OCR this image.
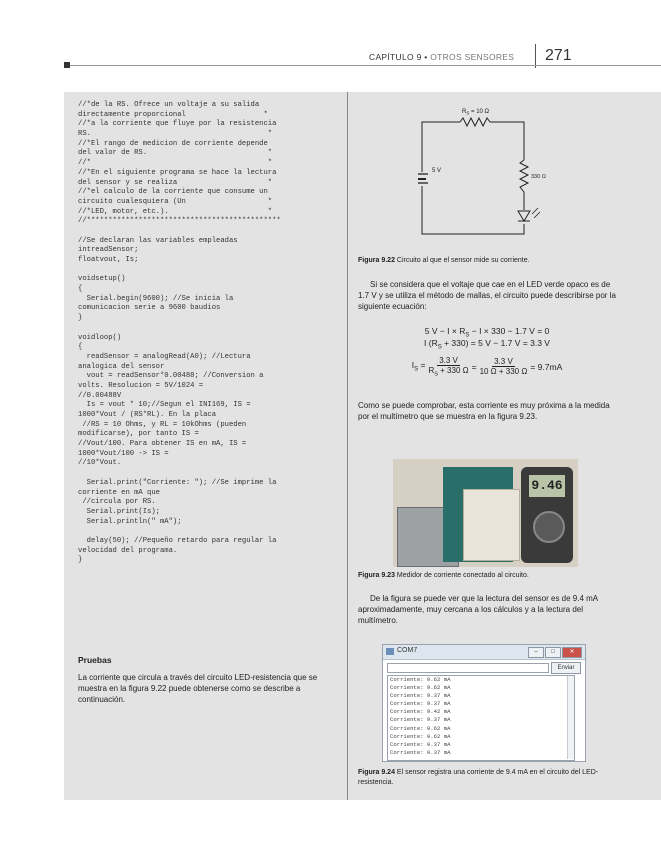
CAPÍTULO 9 • OTROS SENSORES 271
//*de la RS. Ofrece un voltaje a su salida
directamente proporcional                  *
//*a la corriente que fluye por la resistencia
RS.                                         *
//*El rango de medicion de corriente depende
del valor de RS.                            *
//*                                         *
//*En el siguiente programa se hace la lectura
del sensor y se realiza                     *
//*el calculo de la corriente que consume un
circuito cualesquiera (Un                   *
//*LED, motor, etc.).                       *
//*********************************************
//Se declaran las variables empleadas
intreadSensor;
floatvout, Is;
voidsetup()
{
Serial.begin(9600); //Se inicia la
comunicacion serie a 9600 baudios
}
voidloop()
{
readSensor = analogRead(A0); //Lectura
analogica del sensor
vout = readSensor*0.00488; //Conversion a
volts. Resolucion = 5V/1024 =
//0.00488V
Is = vout * 10;//Segun el INI169, IS =
1000*Vout / (RS*RL). En la placa
//RS = 10 Ohms, y RL = 10kOhms (pueden
modificarse), por tanto IS =
//Vout/100. Para obtener IS en mA, IS =
1000*Vout/100 -> IS =
//10*Vout.
Serial.print("Corriente: "); //Se imprime la
corriente en mA que
//circula por RS.
Serial.print(Is);
Serial.println(" mA");
delay(50); //Pequeño retardo para regular la
velocidad del programa.
}
Pruebas
La corriente que circula a través del circuito LED-resistencia que se muestra en la figura 9.22 puede obtenerse como se describe a continuación.
$R_S = 10$ Ω
5 V
330 Ω
Figura 9.22 Circuito al que el sensor mide su corriente.
Si se considera que el voltaje que cae en el LED verde opaco es de 1.7 V y se utiliza el método de mallas, el circuito puede describirse por la siguiente ecuación:
5 $V - I \times R_S - I \times 330 - 1.7$ V = 0
I $(R_S + 330) = 5$ V − 1.7 V = 3.3 V
$I_S = \frac{3.3 V}{R_S + 330 \Omega} = \frac{3.3 V}{10 \Omega + 330 \Omega} = 9.7mA$
Como se puede comprobar, esta corriente es muy próxima a la medida por el multímetro que se muestra en la figura 9.23.
9.46
Figura 9.23 Medidor de corriente conectado al circuito.
De la figura se puede ver que la lectura del sensor es de 9.4 mA aproximadamente, muy cercana a los cálculos y a la lectura del multímetro.
COM7	–	□	✕
Enviar
Corriente: 9.62 mA
Corriente: 9.62 mA
Corriente: 9.37 mA
Corriente: 9.37 mA
Corriente: 9.42 mA
Corriente: 9.37 mA
Corriente: 9.62 mA
Corriente: 9.62 mA
Corriente: 9.37 mA
Corriente: 9.37 mA
Figura 9.24 El sensor registra una corriente de 9.4 mA en el circuito del LED-resistencia.
